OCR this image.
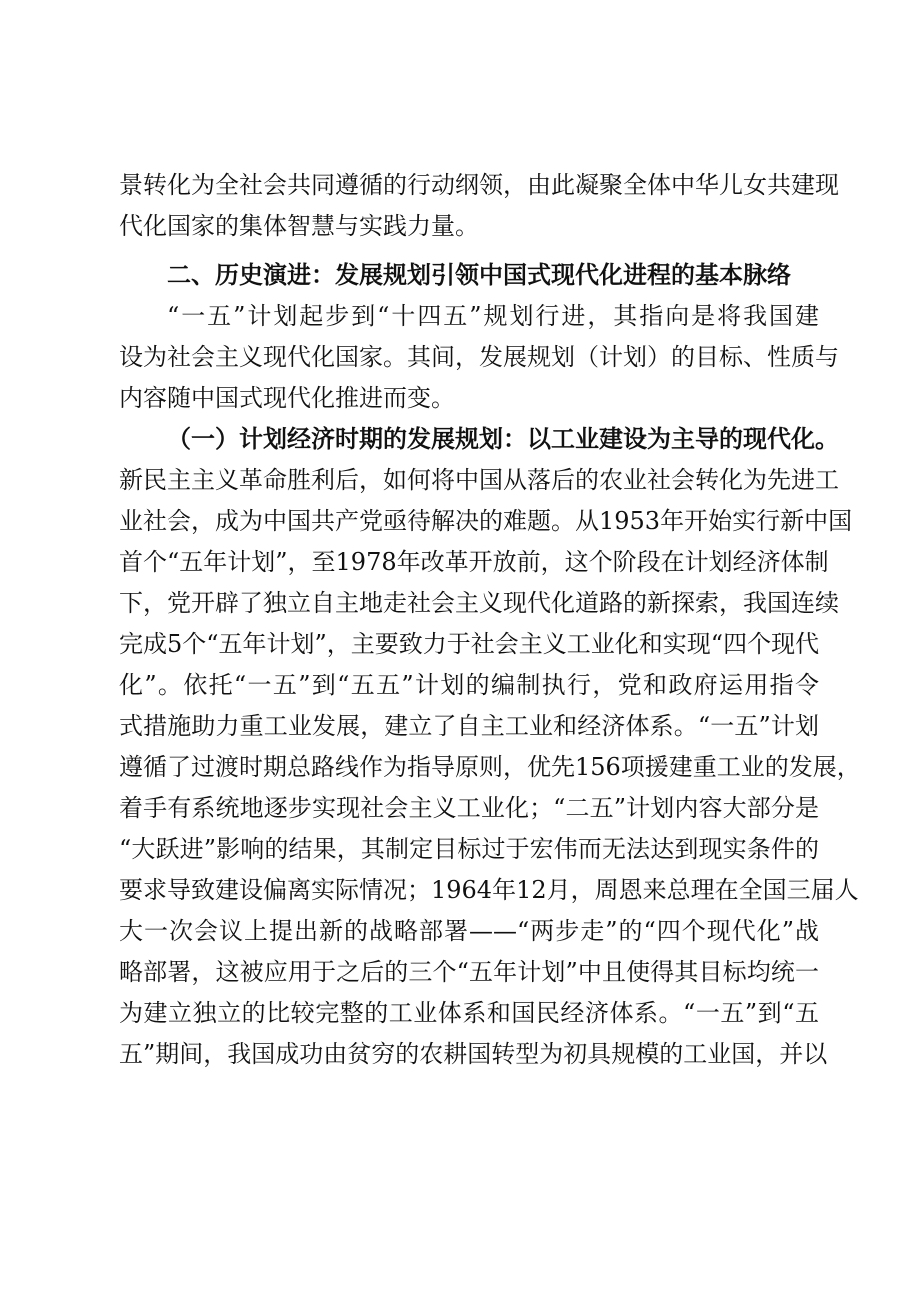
景转化为全社会共同遵循的行动纲领，由此凝聚全体中华儿女共建现
代化国家的集体智慧与实践力量。
二、历史演进：发展规划引领中国式现代化进程的基本脉络
“一五”计划起步到“十四五”规划行进，其指向是将我国建
设为社会主义现代化国家。其间，发展规划（计划）的目标、性质与
内容随中国式现代化推进而变。
（一）计划经济时期的发展规划：以工业建设为主导的现代化。
新民主主义革命胜利后，如何将中国从落后的农业社会转化为先进工
业社会，成为中国共产党亟待解决的难题。从1953年开始实行新中国
首个“五年计划”，至1978年改革开放前，这个阶段在计划经济体制
下，党开辟了独立自主地走社会主义现代化道路的新探索，我国连续
完成5个“五年计划”，主要致力于社会主义工业化和实现“四个现代
化”。依托“一五”到“五五”计划的编制执行，党和政府运用指令
式措施助力重工业发展，建立了自主工业和经济体系。“一五”计划
遵循了过渡时期总路线作为指导原则，优先156项援建重工业的发展，
着手有系统地逐步实现社会主义工业化；“二五”计划内容大部分是
“大跃进”影响的结果，其制定目标过于宏伟而无法达到现实条件的
要求导致建设偏离实际情况；1964年12月，周恩来总理在全国三届人
大一次会议上提出新的战略部署——“两步走”的“四个现代化”战
略部署，这被应用于之后的三个“五年计划”中且使得其目标均统一
为建立独立的比较完整的工业体系和国民经济体系。“一五”到“五
五”期间，我国成功由贫穷的农耕国转型为初具规模的工业国，并以
